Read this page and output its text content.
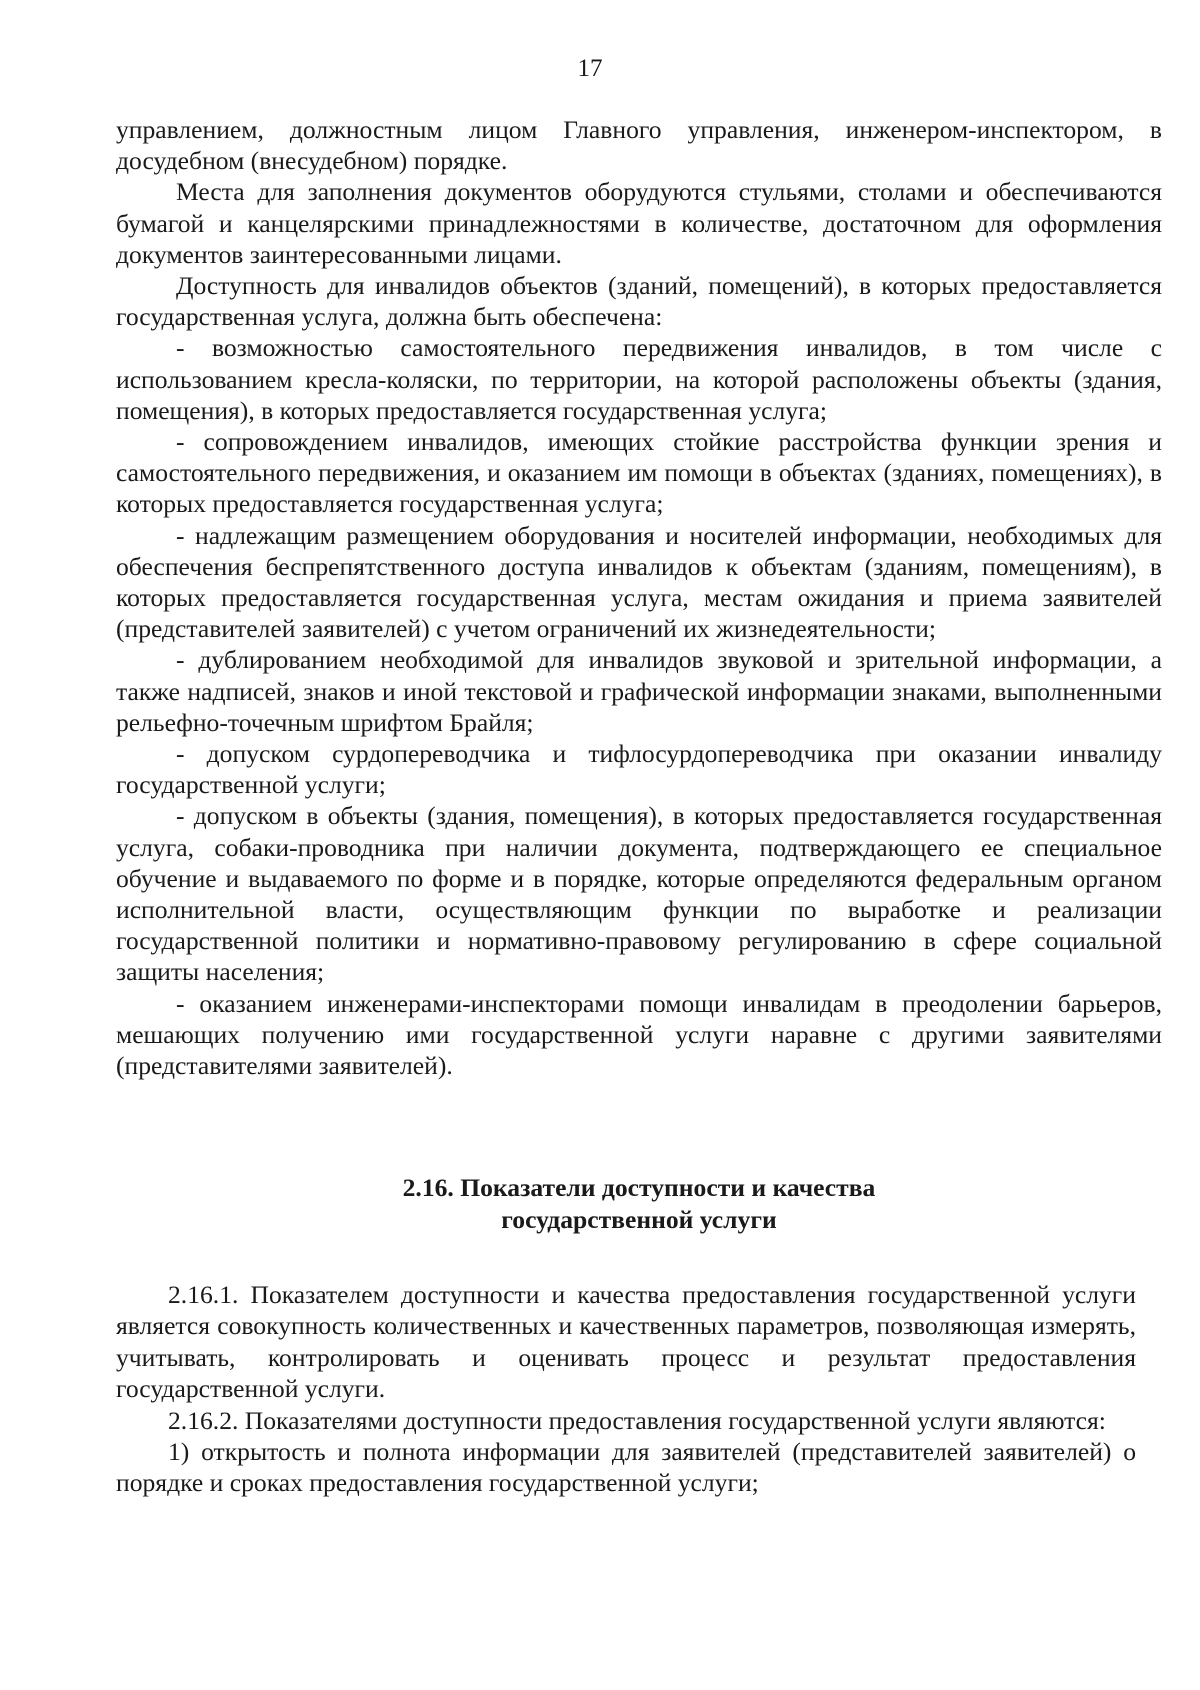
17

управлением, должностным лицом Главного управления, инженером-инспектором, в досудебном (внесудебном) порядке.

Места для заполнения документов оборудуются стульями, столами и обеспечиваются бумагой и канцелярскими принадлежностями в количестве, достаточном для оформления документов заинтересованными лицами.

Доступность для инвалидов объектов (зданий, помещений), в которых предоставляется государственная услуга, должна быть обеспечена:

- возможностью самостоятельного передвижения инвалидов, в том числе с использованием кресла-коляски, по территории, на которой расположены объекты (здания, помещения), в которых предоставляется государственная услуга;

- сопровождением инвалидов, имеющих стойкие расстройства функции зрения и самостоятельного передвижения, и оказанием им помощи в объектах (зданиях, помещениях), в которых предоставляется государственная услуга;

- надлежащим размещением оборудования и носителей информации, необходимых для обеспечения беспрепятственного доступа инвалидов к объектам (зданиям, помещениям), в которых предоставляется государственная услуга, местам ожидания и приема заявителей (представителей заявителей) с учетом ограничений их жизнедеятельности;

- дублированием необходимой для инвалидов звуковой и зрительной информации, а также надписей, знаков и иной текстовой и графической информации знаками, выполненными рельефно-точечным шрифтом Брайля;

- допуском сурдопереводчика и тифлосурдопереводчика при оказании инвалиду государственной услуги;

- допуском в объекты (здания, помещения), в которых предоставляется государственная услуга, собаки-проводника при наличии документа, подтверждающего ее специальное обучение и выдаваемого по форме и в порядке, которые определяются федеральным органом исполнительной власти, осуществляющим функции по выработке и реализации государственной политики и нормативно-правовому регулированию в сфере социальной защиты населения;

- оказанием инженерами-инспекторами помощи инвалидам в преодолении барьеров, мешающих получению ими государственной услуги наравне с другими заявителями (представителями заявителей).

2.16. Показатели доступности и качества
государственной услуги

2.16.1. Показателем доступности и качества предоставления государственной услуги является совокупность количественных и качественных параметров, позволяющая измерять, учитывать, контролировать и оценивать процесс и результат предоставления государственной услуги.

2.16.2. Показателями доступности предоставления государственной услуги являются:

1) открытость и полнота информации для заявителей (представителей заявителей) о порядке и сроках предоставления государственной услуги;
